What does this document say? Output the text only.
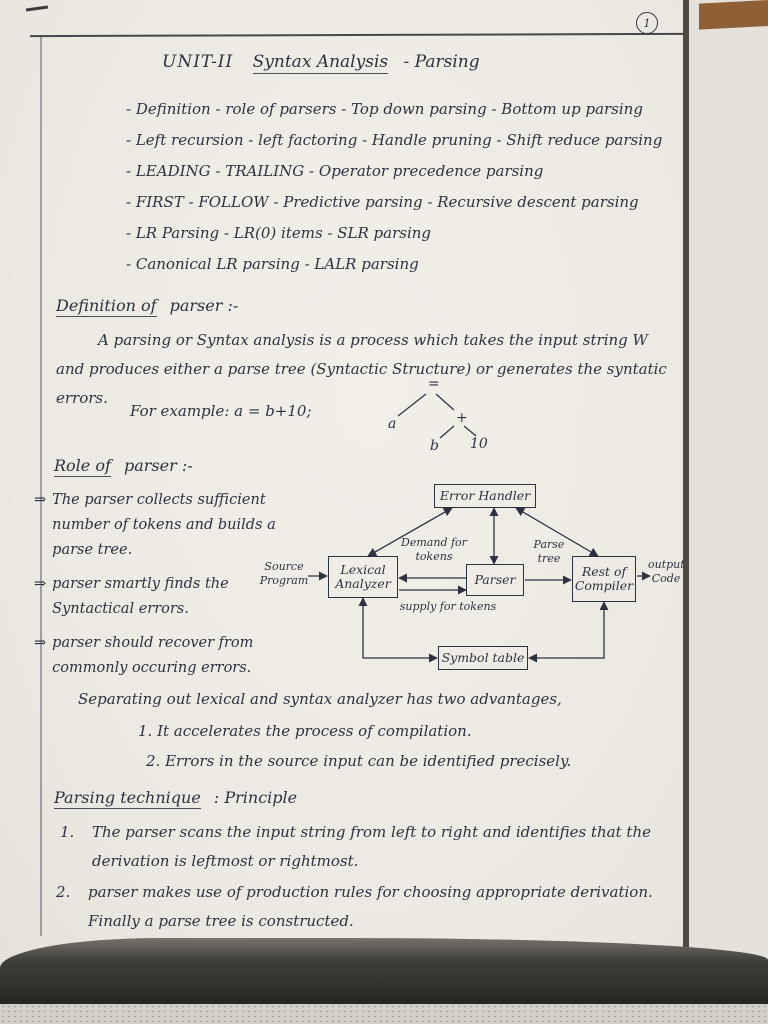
1
UNIT-II Syntax Analysis - Parsing
- Definition - role of parsers - Top down parsing - Bottom up parsing
- Left recursion - left factoring - Handle pruning - Shift reduce parsing
- LEADING - TRAILING - Operator precedence parsing
- FIRST - FOLLOW - Predictive parsing - Recursive descent parsing
- LR Parsing - LR(0) items - SLR parsing
- Canonical LR parsing - LALR parsing
Definition of parser :-
A parsing or Syntax analysis is a process which takes the input string W
and produces either a parse tree (Syntactic Structure) or generates the syntatic
errors.
For example: a = b+10;
=
a	+
b 10
Role of parser :-
⇒ The parser collects sufficient number of tokens and builds a parse tree.
⇒ parser smartly finds the Syntactical errors.
⇒ parser should recover from commonly occuring errors.
Error Handler
Lexical Analyzer	Parser
Rest of Compiler
Symbol table
Source Program
Demand for tokens
supply for tokens
Parse tree	output Code
Separating out lexical and syntax analyzer has two advantages,
1. It accelerates the process of compilation.
2. Errors in the source input can be identified precisely.
Parsing technique : Principle
1.	The parser scans the input string from left to right and identifies that the derivation is leftmost or rightmost.
2.	parser makes use of production rules for choosing appropriate derivation. Finally a parse tree is constructed.
